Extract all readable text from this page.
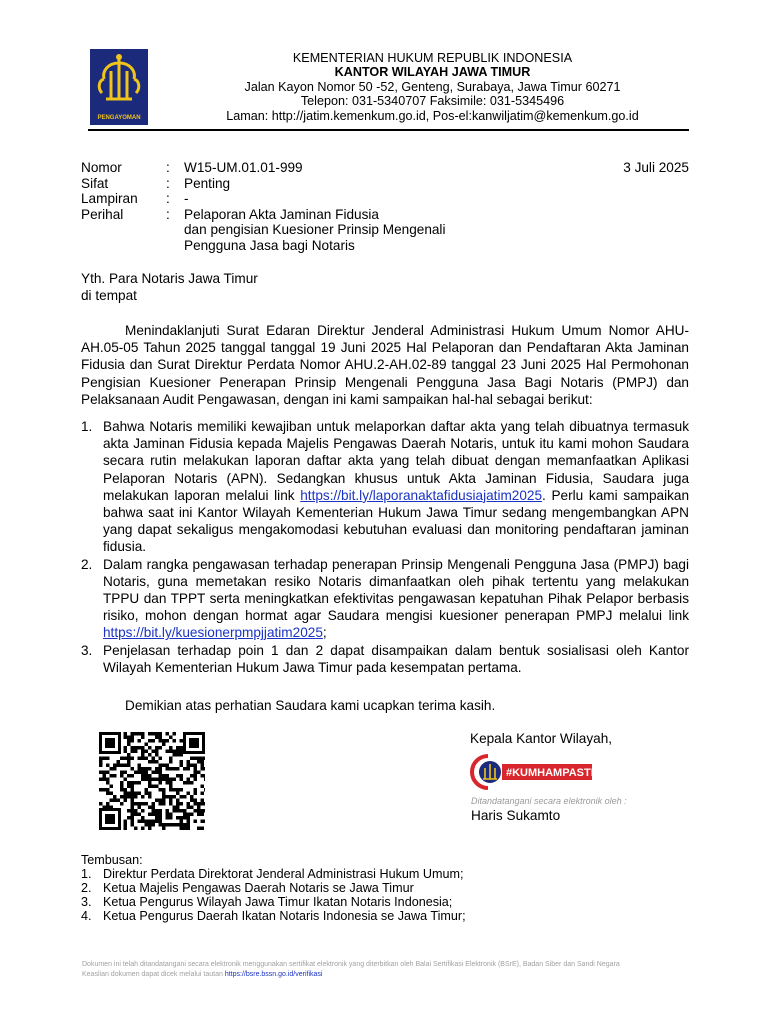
PENGAYOMAN
KEMENTERIAN HUKUM REPUBLIK INDONESIA
KANTOR WILAYAH JAWA TIMUR
Jalan Kayon Nomor 50 -52, Genteng, Surabaya, Jawa Timur 60271
Telepon: 031-5340707 Faksimile: 031-5345496
Laman: http://jatim.kemenkum.go.id, Pos-el:kanwiljatim@kemenkum.go.id
Nomor	:	W15-UM.01.01-999
Sifat	:	Penting
Lampiran	:	-
Perihal	:	Pelaporan Akta Jaminan Fidusia
dan pengisian Kuesioner Prinsip Mengenali
Pengguna Jasa bagi Notaris
3 Juli 2025
Yth. Para Notaris Jawa Timur
di tempat
Menindaklanjuti Surat Edaran Direktur Jenderal Administrasi Hukum Umum Nomor AHU-AH.05-05 Tahun 2025 tanggal tanggal 19 Juni 2025 Hal Pelaporan dan Pendaftaran Akta Jaminan Fidusia dan Surat Direktur Perdata Nomor AHU.2-AH.02-89 tanggal 23 Juni 2025 Hal Permohonan Pengisian Kuesioner Penerapan Prinsip Mengenali Pengguna Jasa Bagi Notaris (PMPJ) dan Pelaksanaan Audit Pengawasan, dengan ini kami sampaikan hal-hal sebagai berikut:
1. Bahwa Notaris memiliki kewajiban untuk melaporkan daftar akta yang telah dibuatnya termasuk akta Jaminan Fidusia kepada Majelis Pengawas Daerah Notaris, untuk itu kami mohon Saudara secara rutin melakukan laporan daftar akta yang telah dibuat dengan memanfaatkan Aplikasi Pelaporan Notaris (APN). Sedangkan khusus untuk Akta Jaminan Fidusia, Saudara juga melakukan laporan melalui link https://bit.ly/laporanaktafidusiajatim2025. Perlu kami sampaikan bahwa saat ini Kantor Wilayah Kementerian Hukum Jawa Timur sedang mengembangkan APN yang dapat sekaligus mengakomodasi kebutuhan evaluasi dan monitoring pendaftaran jaminan fidusia.
2. Dalam rangka pengawasan terhadap penerapan Prinsip Mengenali Pengguna Jasa (PMPJ) bagi Notaris, guna memetakan resiko Notaris dimanfaatkan oleh pihak tertentu yang melakukan TPPU dan TPPT serta meningkatkan efektivitas pengawasan kepatuhan Pihak Pelapor berbasis risiko, mohon dengan hormat agar Saudara mengisi kuesioner penerapan PMPJ melalui link https://bit.ly/kuesionerpmpjjatim2025;
3. Penjelasan terhadap poin 1 dan 2 dapat disampaikan dalam bentuk sosialisasi oleh Kantor Wilayah Kementerian Hukum Jawa Timur pada kesempatan pertama.
Demikian atas perhatian Saudara kami ucapkan terima kasih.
Kepala Kantor Wilayah,
#KUMHAMPASTI
Ditandatangani secara elektronik oleh :
Haris Sukamto
Tembusan:
1. Direktur Perdata Direktorat Jenderal Administrasi Hukum Umum;
2. Ketua Majelis Pengawas Daerah Notaris se Jawa Timur
3. Ketua Pengurus Wilayah Jawa Timur Ikatan Notaris Indonesia;
4. Ketua Pengurus Daerah Ikatan Notaris Indonesia se Jawa Timur;
Dokumen ini telah ditandatangani secara elektronik menggunakan sertifikat elektronik yang diterbitkan oleh Balai Sertifikasi Elektronik (BSrE), Badan Siber dan Sandi Negara
Keaslian dokumen dapat dicek melalui tautan https://bsre.bssn.go.id/verifikasi
